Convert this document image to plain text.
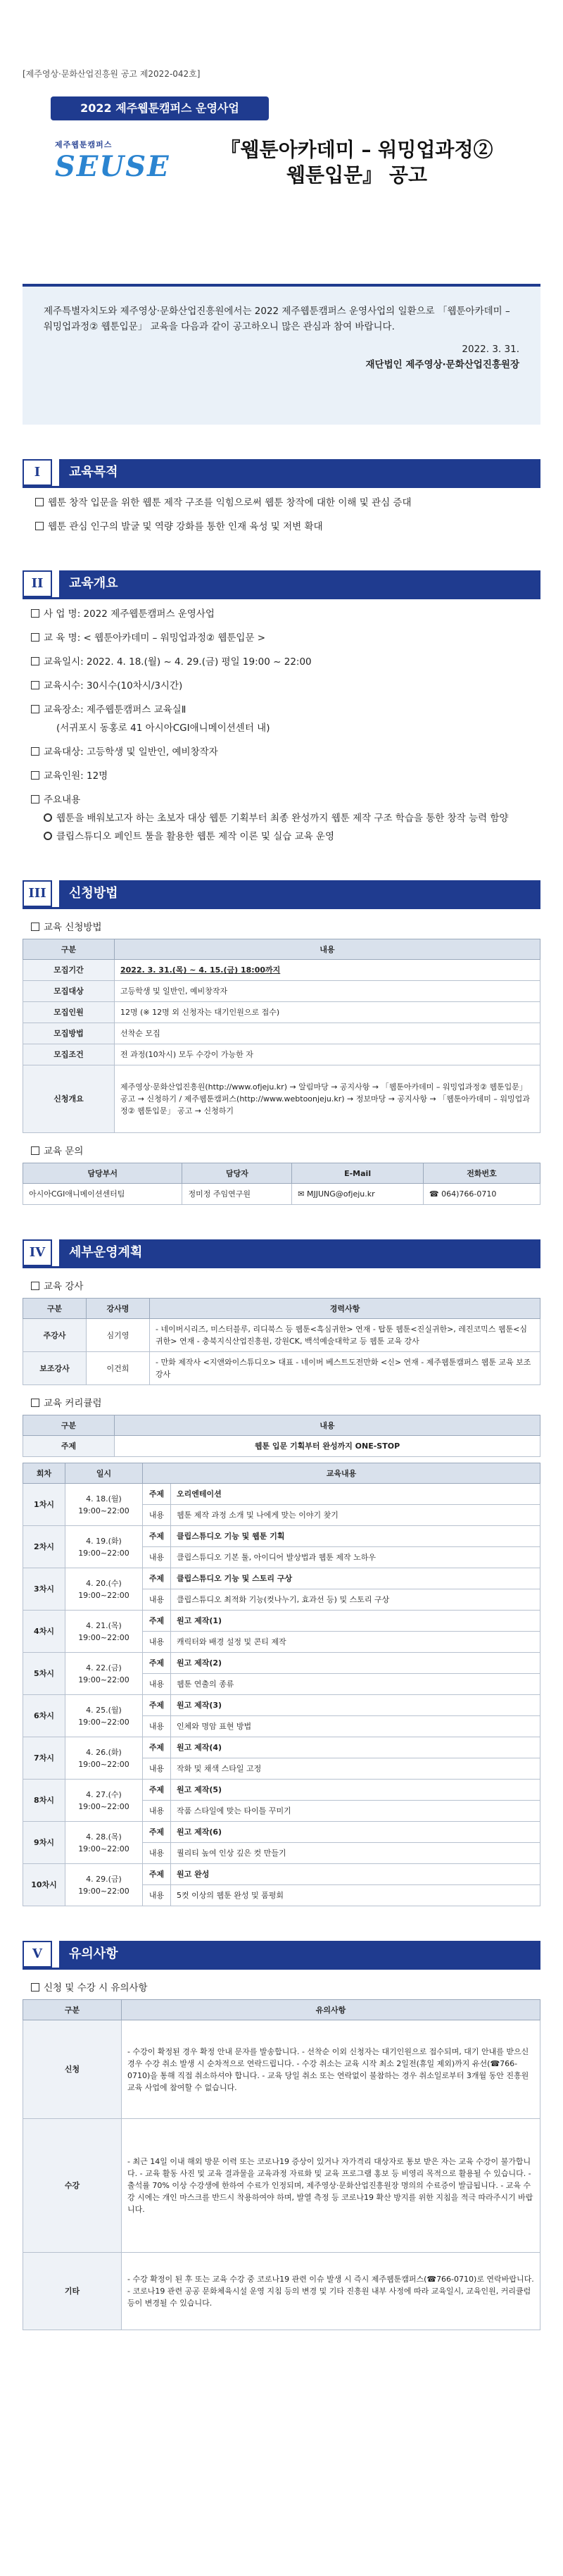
[제주영상·문화산업진흥원 공고 제2022-042호]
2022 제주웹툰캠퍼스 운영사업
제주웹툰캠퍼스
SEUSE
『웹툰아카데미 – 워밍업과정②
웹툰입문』 공고
제주특별자치도와 제주영상·문화산업진흥원에서는 2022 제주웹툰캠퍼스 운영사업의 일환으로 「웹툰아카데미 – 워밍업과정② 웹툰입문」 교육을 다음과 같이 공고하오니 많은 관심과 참여 바랍니다.
2022. 3. 31.
재단법인 제주영상·문화산업진흥원장
I	교육목적
웹툰 창작 입문을 위한 웹툰 제작 구조를 익힘으로써 웹툰 창작에 대한 이해 및 관심 증대
웹툰 관심 인구의 발굴 및 역량 강화를 통한 인재 육성 및 저변 확대
II	교육개요
사 업 명: 2022 제주웹툰캠퍼스 운영사업
교 육 명: < 웹툰아카데미 – 워밍업과정② 웹툰입문 >
교육일시: 2022. 4. 18.(월) ~ 4. 29.(금) 평일 19:00 ~ 22:00
교육시수: 30시수(10차시/3시간)
교육장소: 제주웹툰캠퍼스 교육실Ⅱ
(서귀포시 동홍로 41 아시아CGI애니메이션센터 내)
교육대상: 고등학생 및 일반인, 예비창작자
교육인원: 12명
주요내용
웹툰을 배워보고자 하는 초보자 대상 웹툰 기획부터 최종 완성까지 웹툰 제작 구조 학습을 통한 창작 능력 함양
클립스튜디오 페인트 툴을 활용한 웹툰 제작 이론 및 실습 교육 운영
III	신청방법
교육 신청방법
구분	내용
모집기간	2022. 3. 31.(목) ~ 4. 15.(금) 18:00까지
모집대상	고등학생 및 일반인, 예비창작자
모집인원	12명 (※ 12명 외 신청자는 대기인원으로 접수)
모집방법	선착순 모집
모집조건	전 과정(10차시) 모두 수강이 가능한 자
신청개요	제주영상·문화산업진흥원(http://www.ofjeju.kr) → 알림마당 → 공지사항 → 「웹툰아카데미 – 워밍업과정② 웹툰입문」 공고 → 신청하기 / 제주웹툰캠퍼스(http://www.webtoonjeju.kr) → 정보마당 → 공지사항 → 「웹툰아카데미 – 워밍업과정② 웹툰입문」 공고 → 신청하기
교육 문의
담당부서	담당자	E-Mail	전화번호
아시아CGI애니메이션센터팀	정미정 주임연구원	✉ MJJUNG@ofjeju.kr	☎ 064)766-0710
IV	세부운영계획
교육 강사
구분	강사명	경력사항
주강사	심기영	- 네이버시리즈, 미스터블루, 리디북스 등 웹툰<흑심귀한> 연재 - 탑툰 웹툰<진실귀한>, 레진코믹스 웹툰<심귀한> 연재 - 충북지식산업진흥원, 강원CK, 백석예술대학교 등 웹툰 교육 강사
보조강사	이건희	- 만화 제작사 <지앤와이스튜디오> 대표 - 네이버 베스트도전만화 <신> 연재 - 제주웹툰캠퍼스 웹툰 교육 보조강사
교육 커리큘럼
구분	내용
주제	웹툰 입문 기획부터 완성까지 ONE-STOP
회차	일시	교육내용	
1차시	4. 18.(월)
19:00~22:00	주제	오리엔테이션
		내용	웹툰 제작 과정 소개 및 나에게 맞는 이야기 찾기
2차시	4. 19.(화)
19:00~22:00	주제	클립스튜디오 기능 및 웹툰 기획
		내용	클립스튜디오 기본 툴, 아이디어 발상법과 웹툰 제작 노하우
3차시	4. 20.(수)
19:00~22:00	주제	클립스튜디오 기능 및 스토리 구상
		내용	클립스튜디오 최적화 기능(컷나누기, 효과선 등) 및 스토리 구상
4차시	4. 21.(목)
19:00~22:00	주제	원고 제작(1)
		내용	캐릭터와 배경 설정 및 콘티 제작
5차시	4. 22.(금)
19:00~22:00	주제	원고 제작(2)
		내용	웹툰 연출의 종류
6차시	4. 25.(월)
19:00~22:00	주제	원고 제작(3)
		내용	인체와 명암 표현 방법
7차시	4. 26.(화)
19:00~22:00	주제	원고 제작(4)
		내용	작화 및 채색 스타일 고정
8차시	4. 27.(수)
19:00~22:00	주제	원고 제작(5)
		내용	작품 스타일에 맞는 타이틀 꾸미기
9차시	4. 28.(목)
19:00~22:00	주제	원고 제작(6)
		내용	퀄리티 높여 인상 깊은 컷 만들기
10차시	4. 29.(금)
19:00~22:00	주제	원고 완성
		내용	5컷 이상의 웹툰 완성 및 품평회
V	유의사항
신청 및 수강 시 유의사항
구분	유의사항
신청	- 수강이 확정된 경우 확정 안내 문자를 발송합니다. - 선착순 이외 신청자는 대기인원으로 접수되며, 대기 안내를 받으신 경우 수강 취소 발생 시 순차적으로 연락드립니다. - 수강 취소는 교육 시작 최소 2일전(휴일 제외)까지 유선(☎766-0710)을 통해 직접 취소하셔야 합니다. - 교육 당일 취소 또는 연락없이 불참하는 경우 취소일로부터 3개월 동안 진흥원 교육 사업에 참여할 수 없습니다.
수강	- 최근 14일 이내 해외 방문 이력 또는 코로나19 증상이 있거나 자가격리 대상자로 통보 받은 자는 교육 수강이 불가합니다. - 교육 활동 사진 및 교육 결과물을 교육과정 자료화 및 교육 프로그램 홍보 등 비영리 목적으로 활용될 수 있습니다. - 출석률 70% 이상 수강생에 한하여 수료가 인정되며, 제주영상·문화산업진흥원장 명의의 수료증이 발급됩니다. - 교육 수강 시에는 개인 마스크를 반드시 착용하여야 하며, 발열 측정 등 코로나19 확산 방지를 위한 지침을 적극 따라주시기 바랍니다.
기타	- 수강 확정이 된 후 또는 교육 수강 중 코로나19 관련 이슈 발생 시 즉시 제주웹툰캠퍼스(☎766-0710)로 연락바랍니다. - 코로나19 관련 공공 문화체육시설 운영 지침 등의 변경 및 기타 진흥원 내부 사정에 따라 교육일시, 교육인원, 커리큘럼 등이 변경될 수 있습니다.
